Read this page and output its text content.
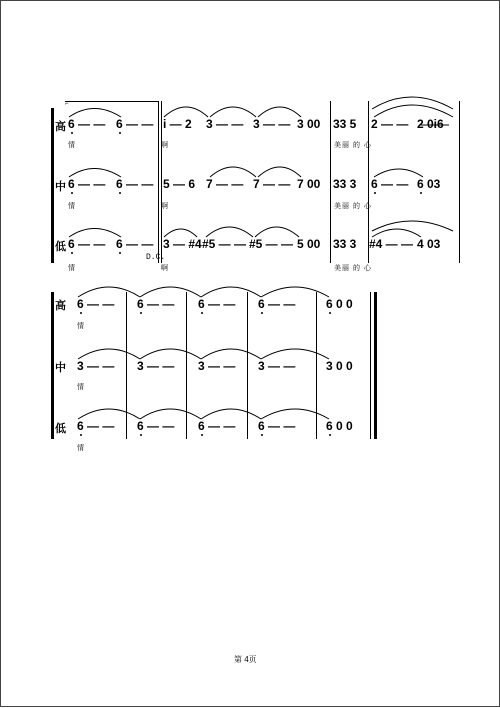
⌐
高 6 — — 6 — — i — 2 3 — — 3 — — 3 00 33 5 2 — — 2 0i6
情	啊	美丽 的 心
中 6 — — 6 — — 5 — 6 7 — — 7 — — 7 00 33 3 6 — — 6 03
情	啊	美丽 的 心
低 6 — — 6 — — 3 — #4 #5 — — #5 — — 5 00 33 3 #4 — — 4 03
D.C.
情	啊	美丽 的 心
高 6 — — 6 — — 6 — — 6 — —	6 0 0
情
中 3 — — 3 — — 3 — — 3 — —	3 0 0
情
低 6 — — 6 — — 6 — — 6 — —	6 0 0
情
第 4页
